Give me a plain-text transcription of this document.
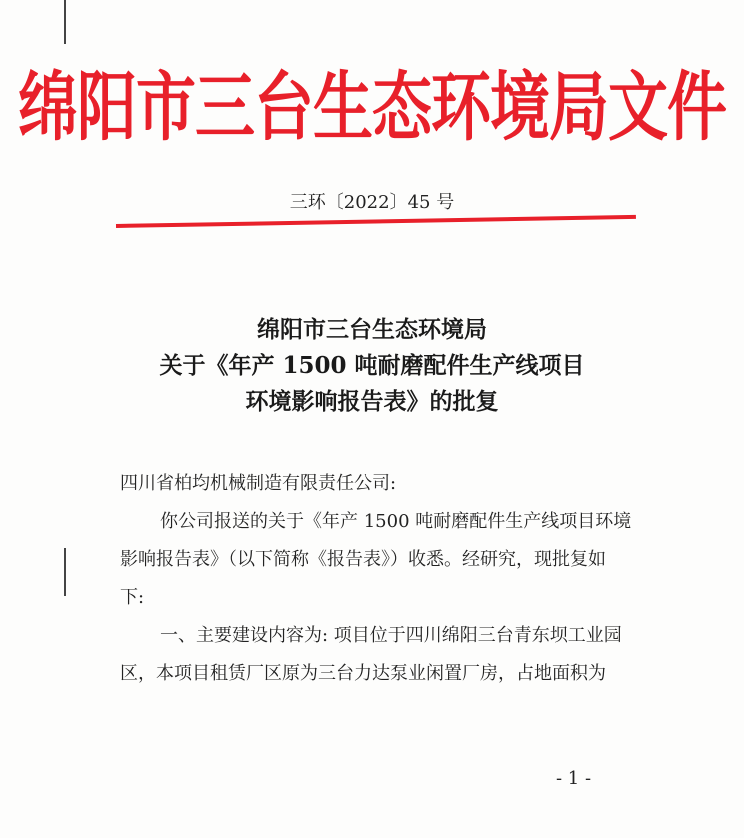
绵阳市三台生态环境局文件
三环〔2022〕45 号
绵阳市三台生态环境局
关于《年产 1500 吨耐磨配件生产线项目
环境影响报告表》的批复
四川省柏均机械制造有限责任公司:
你公司报送的关于《年产 1500 吨耐磨配件生产线项目环境
影响报告表》（以下简称《报告表》）收悉。经研究，现批复如
下:
一、主要建设内容为: 项目位于四川绵阳三台青东坝工业园
区，本项目租赁厂区原为三台力达泵业闲置厂房，占地面积为
- 1 -
